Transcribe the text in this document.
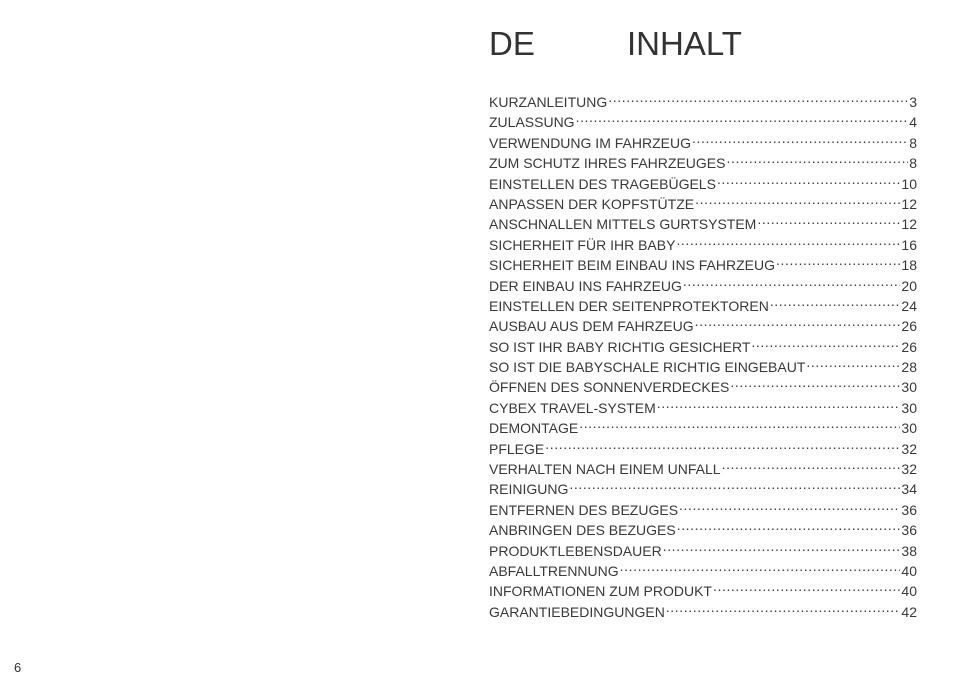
DE	INHALT
KURZANLEITUNG .....	3
ZULASSUNG .....	4
VERWENDUNG IM FAHRZEUG .....	8
ZUM SCHUTZ IHRES FAHRZEUGES .....	8
EINSTELLEN DES TRAGEBÜGELS .....	10
ANPASSEN DER KOPFSTÜTZE .....	12
ANSCHNALLEN MITTELS GURTSYSTEM .....	12
SICHERHEIT FÜR IHR BABY .....	16
SICHERHEIT BEIM EINBAU INS FAHRZEUG .....	18
DER EINBAU INS FAHRZEUG .....	20
EINSTELLEN DER SEITENPROTEKTOREN .....	24
AUSBAU AUS DEM FAHRZEUG .....	26
SO IST IHR BABY RICHTIG GESICHERT .....	26
SO IST DIE BABYSCHALE RICHTIG EINGEBAUT .....	28
ÖFFNEN DES SONNENVERDECKES .....	30
CYBEX TRAVEL-SYSTEM .....	30
DEMONTAGE .....	30
PFLEGE .....	32
VERHALTEN NACH EINEM UNFALL .....	32
REINIGUNG .....	34
ENTFERNEN DES BEZUGES .....	36
ANBRINGEN DES BEZUGES .....	36
PRODUKTLEBENSDAUER .....	38
ABFALLTRENNUNG .....	40
INFORMATIONEN ZUM PRODUKT .....	40
GARANTIEBEDINGUNGEN .....	42
6
